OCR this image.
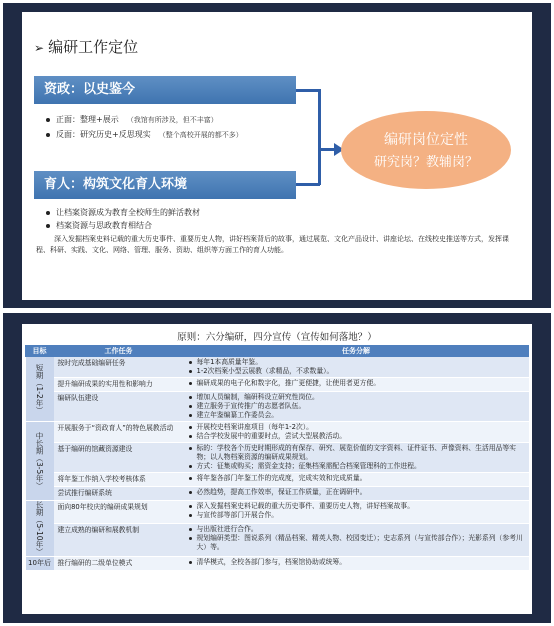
➢ 编研工作定位
资政：以史鉴今
正面：整理+展示 （我馆有所涉及，但不丰富）
反面：研究历史+反思现实 （整个高校开展的都不多）
育人：构筑文化育人环境
让档案资源成为教育全校师生的鲜活教材
档案资源与思政教育相结合
编研岗位定性
研究岗？教辅岗？
深入发掘档案史料记载的重大历史事件、重要历史人物，讲好档案背后的故事，通过展览、文化产品设计、讲座论坛、在线校史推送等方式，发挥课程、科研、实践、文化、网络、管理、服务、资助、组织等方面工作的育人功能。
原则：六分编研，四分宣传（宣传如何落地？）
目标	工作任务	任务分解

短期（1-2年）	按时完成基础编研任务	每年1本高质量年鉴。
1-2次档案小型云展教（求精品，不求数量）。

	提升编研成果的实用性和影响力	编研成果的电子化和数字化，推广更便捷，让使用者更方便。

	编研队伍建设	增加人员编制，编研科设立研究性岗位。
建立服务于宣传推广的志愿者队伍。
建立年鉴编纂工作委员会。

中长期（3-5年）	开展服务于“资政育人”的特色展教活动	开展校史档案讲座项目（每年1-2次）。
结合学校发展中的重要时点，尝试大型展教活动。

	基于编研的馆藏资源建设	标的：学校各个历史时期形成的有保存、研究、展览价值的文字资料、证件证书、声像资料、生活用品等实物；以人物档案资源的编研成果规划。
方式：征集或购买；需资金支持；征集档案需配合档案管理科的工作进程。

	将年鉴工作纳入学校考核体系	将年鉴各部门年鉴工作的完成度，完成实效和完成质量。

	尝试推行编研系统	必然趋势，提高工作效率，保证工作质量，正在调研中。

长期（5-10年）	面向80年校庆的编研成果规划	深入发掘档案史料记载的重大历史事件、重要历史人物，讲好档案故事。
与宣传部等部门开展合作。

	建立成熟的编研和展教机制	与出版社进行合作。
规划编研类型：图说系列（精品档案、精英人物、校园变迁）；史志系列（与宣传部合作）；光影系列（参考川大）等。

10年后	推行编研的二级单位模式	清华模式，全校各部门参与，档案馆协助或统筹。
